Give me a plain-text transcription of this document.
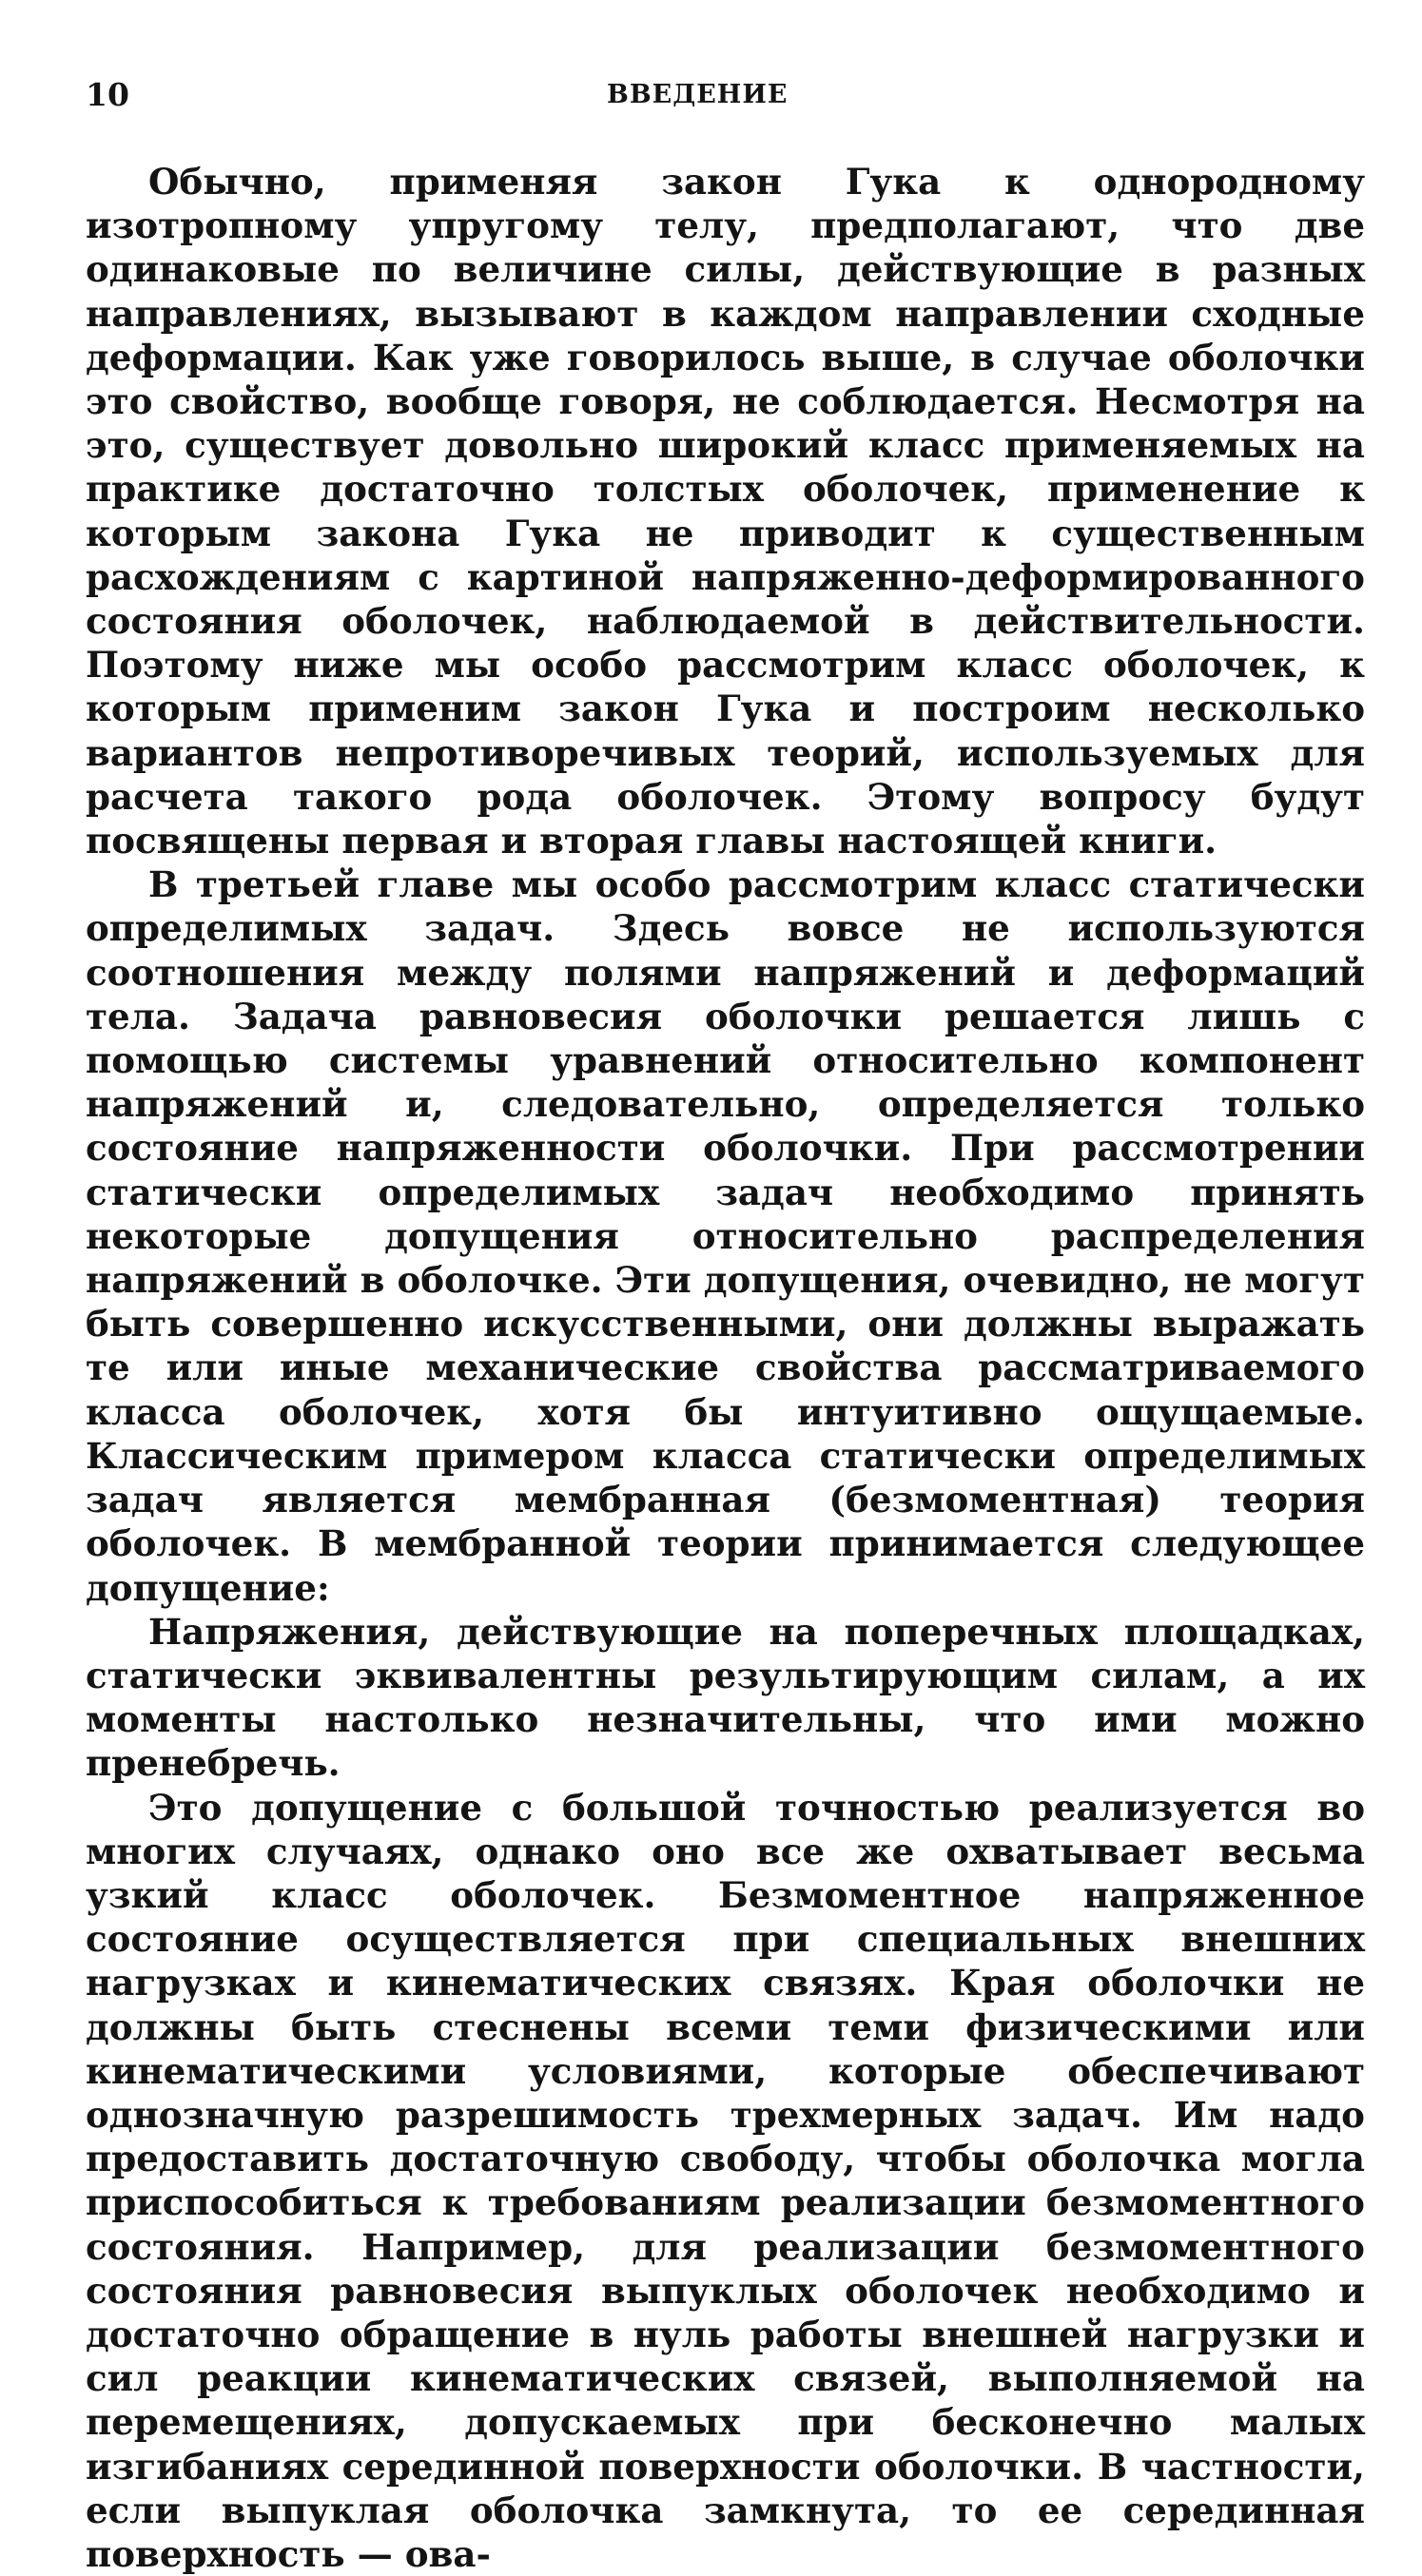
10	ВВЕДЕНИЕ

Обычно, применяя закон Гука к однородному изотропному упругому телу, предполагают, что две одинаковые по величине силы, действующие в разных направлениях, вызывают в каждом направлении сходные деформации. Как уже говорилось выше, в случае оболочки это свойство, вообще говоря, не соблюдается. Несмотря на это, существует довольно широкий класс применяемых на практике достаточно толстых оболочек, применение к которым закона Гука не приводит к существенным расхождениям с картиной напряженно-деформированного состояния оболочек, наблюдаемой в действительности. Поэтому ниже мы особо рассмотрим класс оболочек, к которым применим закон Гука и построим несколько вариантов непротиворечивых теорий, используемых для расчета такого рода оболочек. Этому вопросу будут посвящены первая и вторая главы настоящей книги.

В третьей главе мы особо рассмотрим класс статически определимых задач. Здесь вовсе не используются соотношения между полями напряжений и деформаций тела. Задача равновесия оболочки решается лишь с помощью системы уравнений относительно компонент напряжений и, следовательно, определяется только состояние напряженности оболочки. При рассмотрении статически определимых задач необходимо принять некоторые допущения относительно распределения напряжений в оболочке. Эти допущения, очевидно, не могут быть совершенно искусственными, они должны выражать те или иные механические свойства рассматриваемого класса оболочек, хотя бы интуитивно ощущаемые. Классическим примером класса статически определимых задач является мембранная (безмоментная) теория оболочек. В мембранной теории принимается следующее допущение:

Напряжения, действующие на поперечных площадках, статически эквивалентны результирующим силам, а их моменты настолько незначительны, что ими можно пренебречь.

Это допущение с большой точностью реализуется во многих случаях, однако оно все же охватывает весьма узкий класс оболочек. Безмоментное напряженное состояние осуществляется при специальных внешних нагрузках и кинематических связях. Края оболочки не должны быть стеснены всеми теми физическими или кинематическими условиями, которые обеспечивают однозначную разрешимость трехмерных задач. Им надо предоставить достаточную свободу, чтобы оболочка могла приспособиться к требованиям реализации безмоментного состояния. Например, для реализации безмоментного состояния равновесия выпуклых оболочек необходимо и достаточно обращение в нуль работы внешней нагрузки и сил реакции кинематических связей, выполняемой на перемещениях, допускаемых при бесконечно малых изгибаниях серединной поверхности оболочки. В частности, если выпуклая оболочка замкнута, то ее серединная поверхность — ова-
